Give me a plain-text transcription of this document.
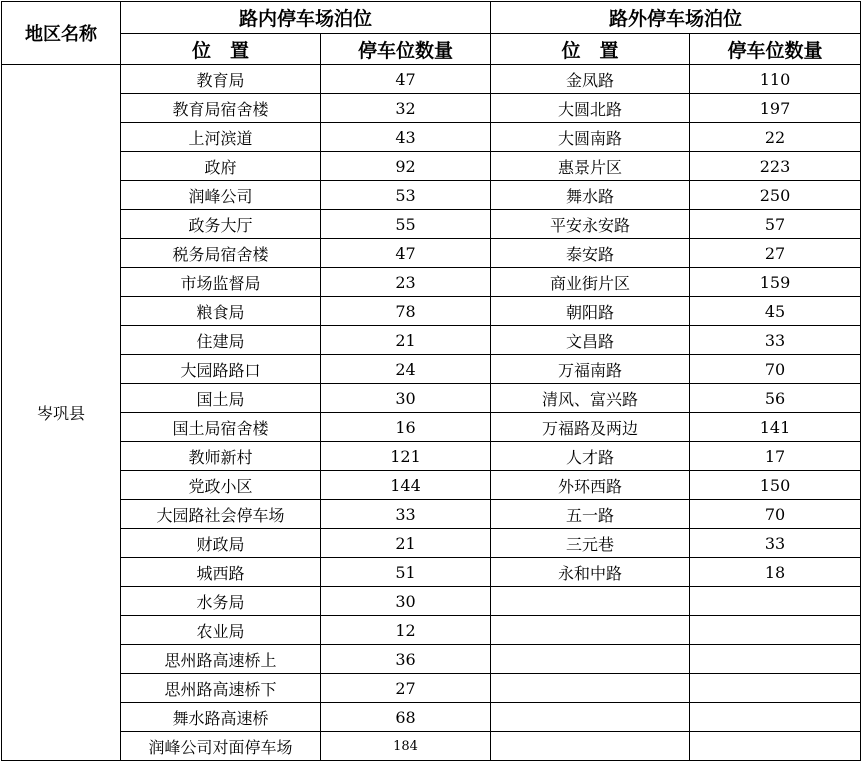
地区名称	路内停车场泊位		路外停车场泊位	
	位　置	停车位数量	位　置	停车位数量
岑巩县	教育局	47	金凤路	110
	教育局宿舍楼	32	大圆北路	197
	上河滨道	43	大圆南路	22
	政府	92	惠景片区	223
	润峰公司	53	舞水路	250
	政务大厅	55	平安永安路	57
	税务局宿舍楼	47	泰安路	27
	市场监督局	23	商业街片区	159
	粮食局	78	朝阳路	45
	住建局	21	文昌路	33
	大园路路口	24	万福南路	70
	国土局	30	清风、富兴路	56
	国土局宿舍楼	16	万福路及两边	141
	教师新村	121	人才路	17
	党政小区	144	外环西路	150
	大园路社会停车场	33	五一路	70
	财政局	21	三元巷	33
	城西路	51	永和中路	18
	水务局	30		
	农业局	12		
	思州路高速桥上	36		
	思州路高速桥下	27		
	舞水路高速桥	68		
	润峰公司对面停车场	184		
